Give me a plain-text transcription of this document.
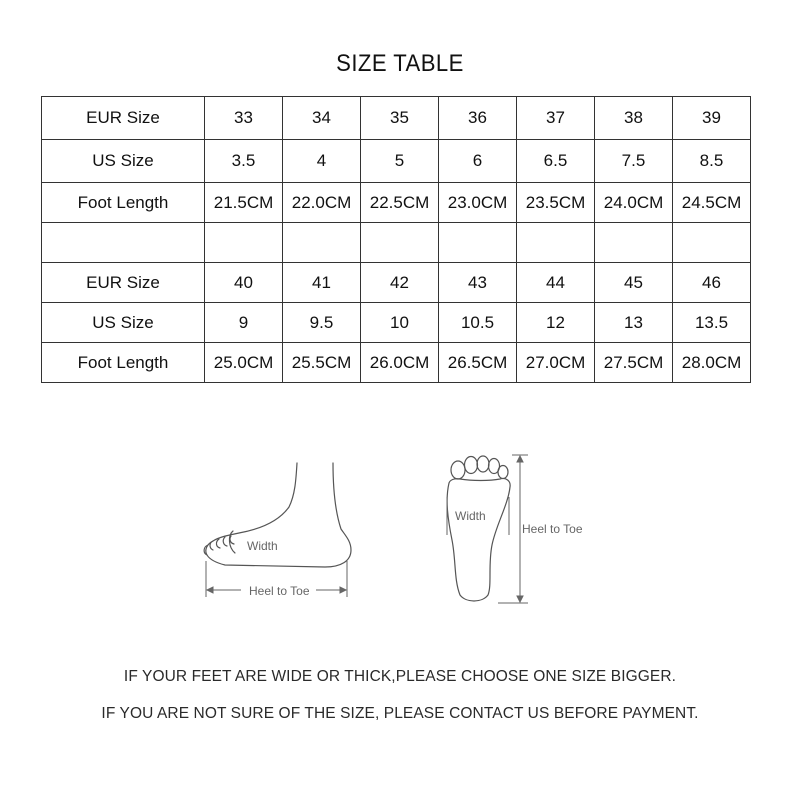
SIZE TABLE
EUR Size	33	34	35	36	37	38	39
US Size	3.5	4	5	6	6.5	7.5	8.5
Foot Length	21.5CM	22.0CM	22.5CM	23.0CM	23.5CM	24.0CM	24.5CM

EUR Size	40	41	42	43	44	45	46
US Size	9	9.5	10	10.5	12	13	13.5
Foot Length	25.0CM	25.5CM	26.0CM	26.5CM	27.0CM	27.5CM	28.0CM
Width
Heel to Toe
Width
Heel to Toe
IF YOUR FEET ARE WIDE OR THICK,PLEASE CHOOSE ONE SIZE BIGGER.
IF YOU ARE NOT SURE OF THE SIZE, PLEASE CONTACT US BEFORE PAYMENT.
